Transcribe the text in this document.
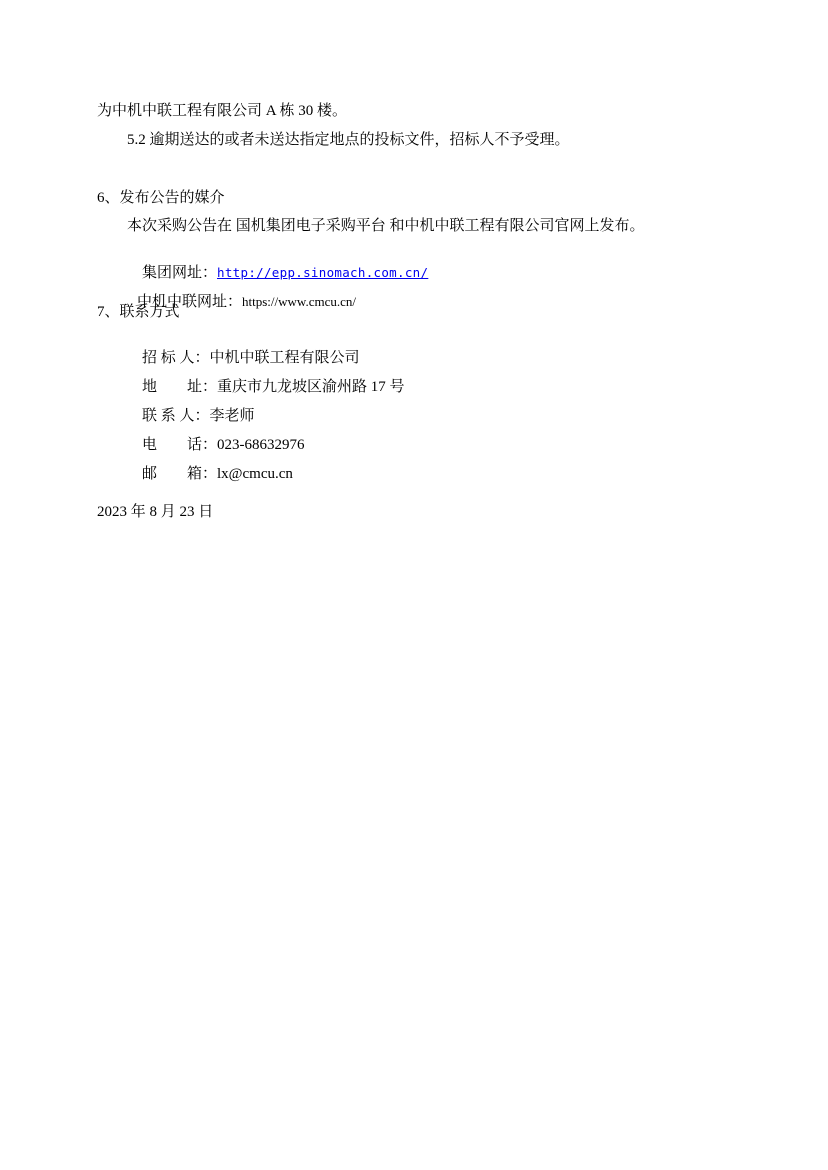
为中机中联工程有限公司 A 栋 30 楼。
5.2 逾期送达的或者未送达指定地点的投标文件，招标人不予受理。
6、发布公告的媒介
本次采购公告在 国机集团电子采购平台 和中机中联工程有限公司官网上发布。

集团网址：http://epp.sinomach.com.cn/

中机中联网址：https://www.cmcu.cn/

7、联系方式

招 标 人：中机中联工程有限公司

地　　址：重庆市九龙坡区渝州路 17 号

联 系 人：李老师

电　　话：023-68632976

邮　　箱：lx@cmcu.cn

2023 年 8 月 23 日
